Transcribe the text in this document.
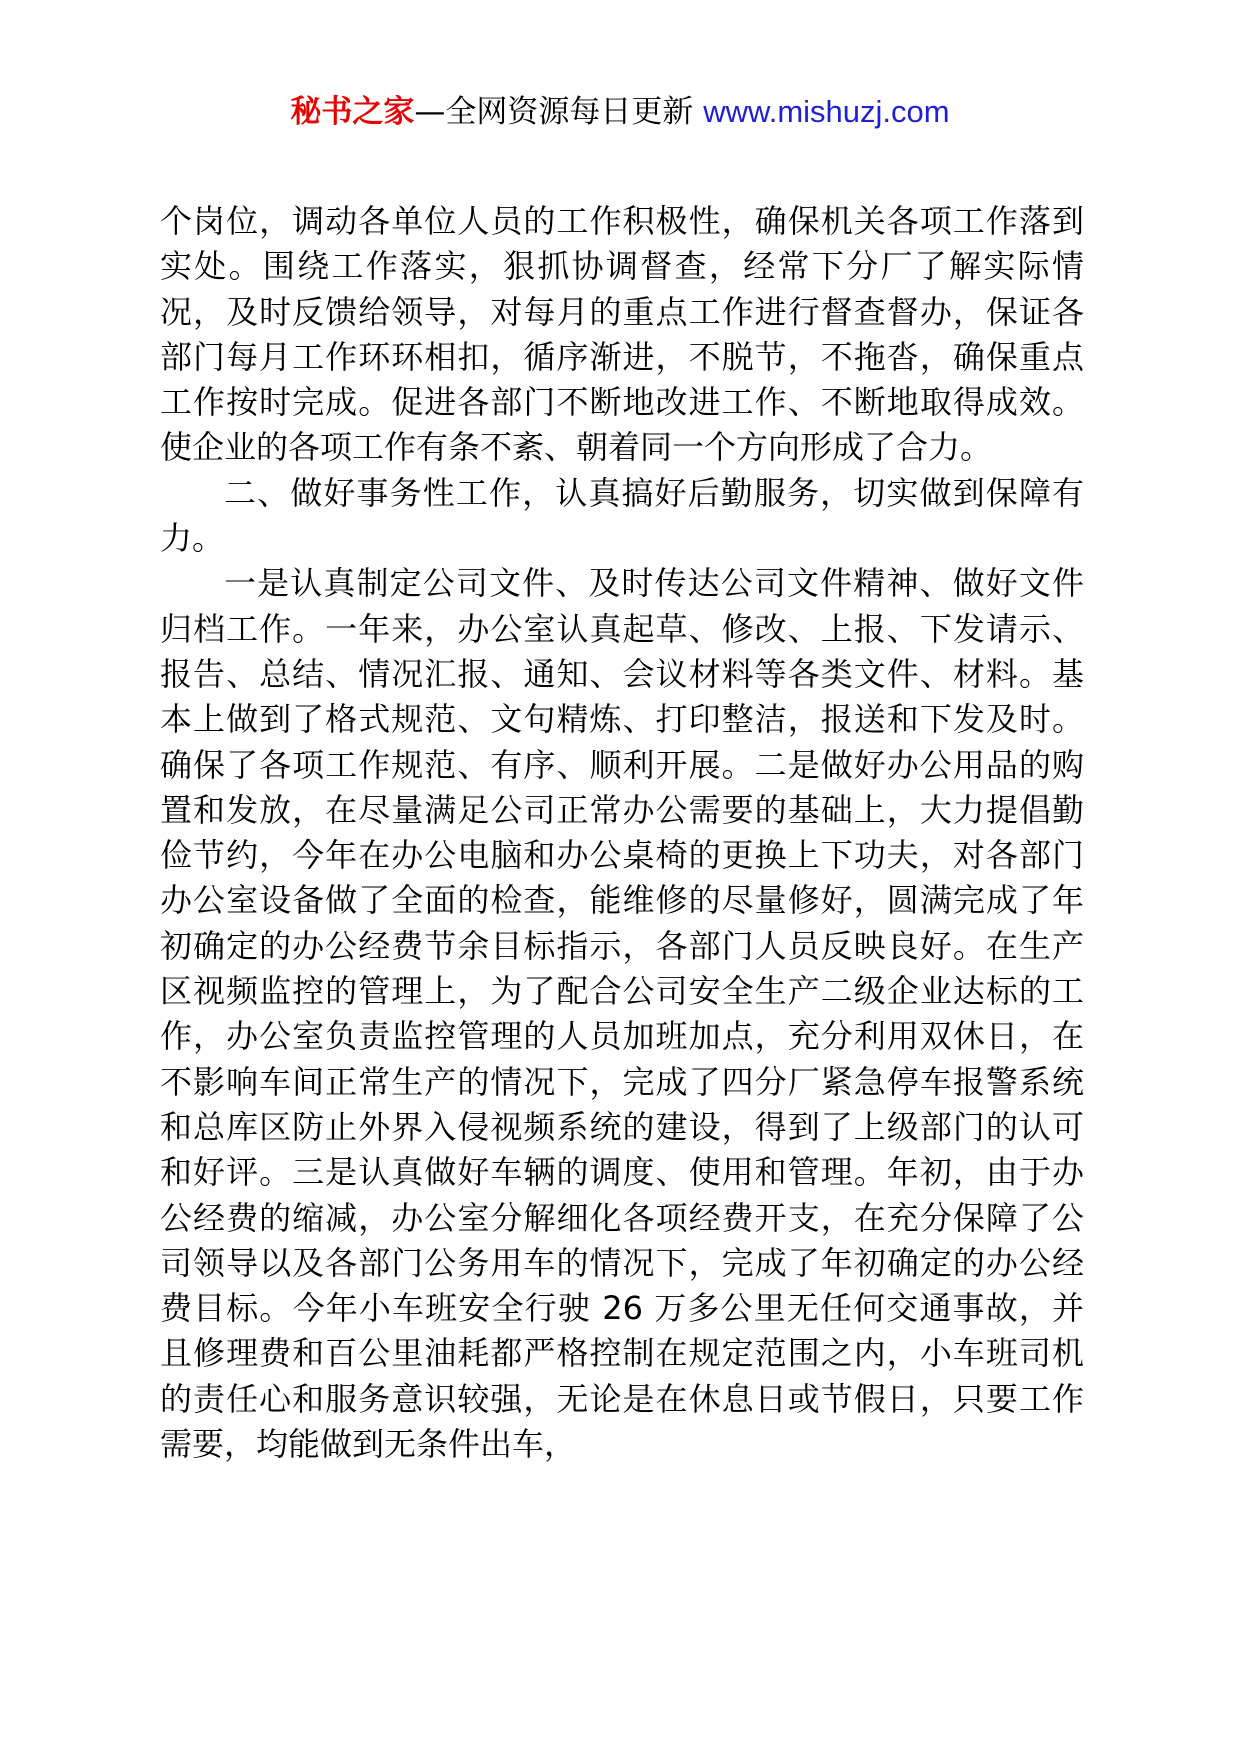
秘书之家—全网资源每日更新 www.mishuzj.com

个岗位，调动各单位人员的工作积极性，确保机关各项工作落到实处。围绕工作落实，狠抓协调督查，经常下分厂了解实际情况，及时反馈给领导，对每月的重点工作进行督查督办，保证各部门每月工作环环相扣，循序渐进，不脱节，不拖沓，确保重点工作按时完成。促进各部门不断地改进工作、不断地取得成效。使企业的各项工作有条不紊、朝着同一个方向形成了合力。

二、做好事务性工作，认真搞好后勤服务，切实做到保障有力。

一是认真制定公司文件、及时传达公司文件精神、做好文件归档工作。一年来，办公室认真起草、修改、上报、下发请示、报告、总结、情况汇报、通知、会议材料等各类文件、材料。基本上做到了格式规范、文句精炼、打印整洁，报送和下发及时。确保了各项工作规范、有序、顺利开展。二是做好办公用品的购置和发放，在尽量满足公司正常办公需要的基础上，大力提倡勤俭节约，今年在办公电脑和办公桌椅的更换上下功夫，对各部门办公室设备做了全面的检查，能维修的尽量修好，圆满完成了年初确定的办公经费节余目标指示，各部门人员反映良好。在生产区视频监控的管理上，为了配合公司安全生产二级企业达标的工作，办公室负责监控管理的人员加班加点，充分利用双休日，在不影响车间正常生产的情况下，完成了四分厂紧急停车报警系统和总库区防止外界入侵视频系统的建设，得到了上级部门的认可和好评。三是认真做好车辆的调度、使用和管理。年初，由于办公经费的缩减，办公室分解细化各项经费开支，在充分保障了公司领导以及各部门公务用车的情况下，完成了年初确定的办公经费目标。今年小车班安全行驶 26 万多公里无任何交通事故，并且修理费和百公里油耗都严格控制在规定范围之内，小车班司机的责任心和服务意识较强，无论是在休息日或节假日，只要工作需要，均能做到无条件出车，
